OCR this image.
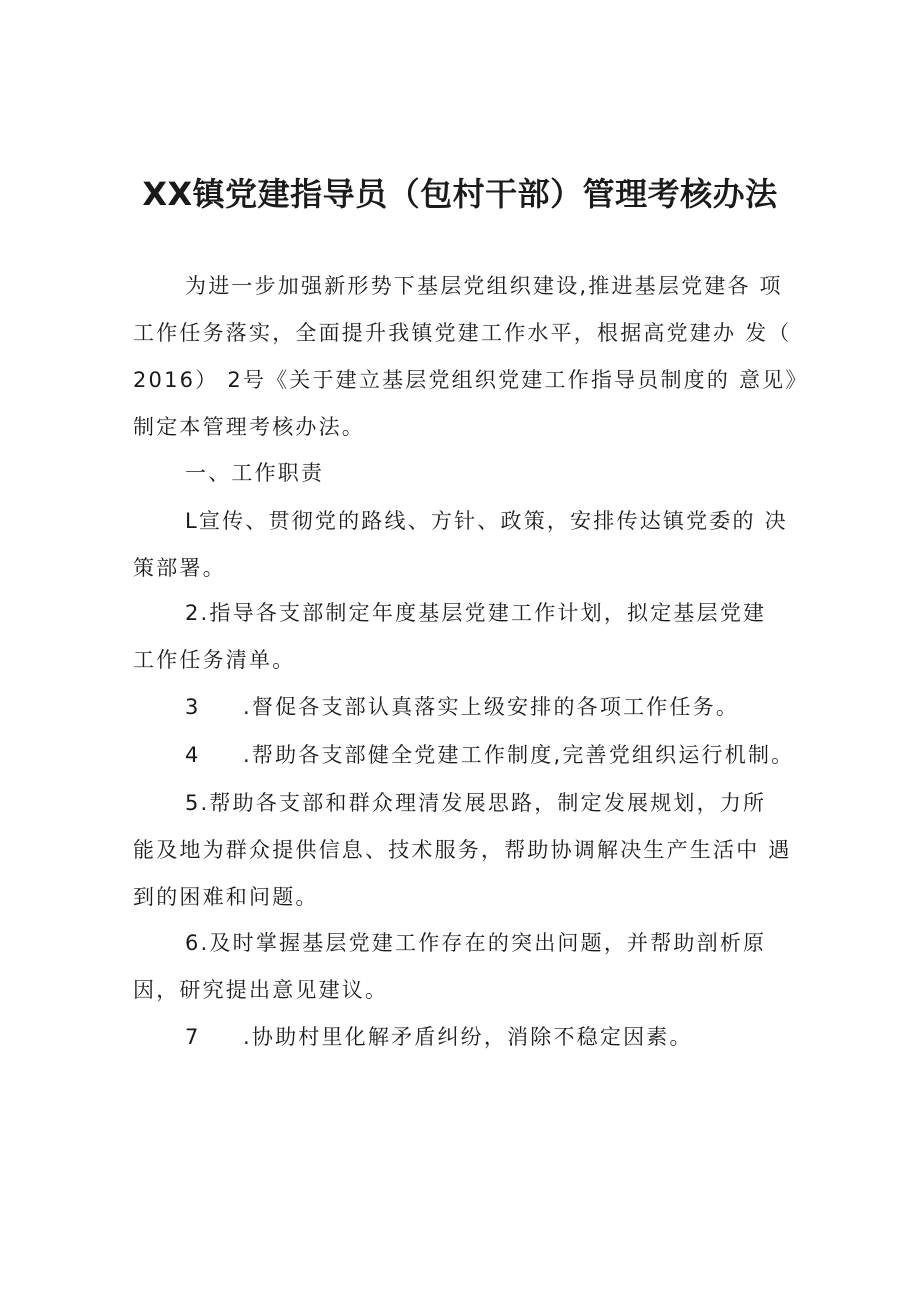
XX镇党建指导员（包村干部）管理考核办法
为进一步加强新形势下基层党组织建设,推进基层党建各 项
工作任务落实，全面提升我镇党建工作水平，根据高党建办 发（
2016） 2号《关于建立基层党组织党建工作指导员制度的 意见》
制定本管理考核办法。
一、工作职责
L宣传、贯彻党的路线、方针、政策，安排传达镇党委的 决
策部署。
2.指导各支部制定年度基层党建工作计划，拟定基层党建
工作任务清单。
3 .督促各支部认真落实上级安排的各项工作任务。
4 .帮助各支部健全党建工作制度,完善党组织运行机制。
5.帮助各支部和群众理清发展思路，制定发展规划，力所
能及地为群众提供信息、技术服务，帮助协调解决生产生活中 遇
到的困难和问题。
6.及时掌握基层党建工作存在的突出问题，并帮助剖析原
因，研究提出意见建议。
7 .协助村里化解矛盾纠纷，消除不稳定因素。
